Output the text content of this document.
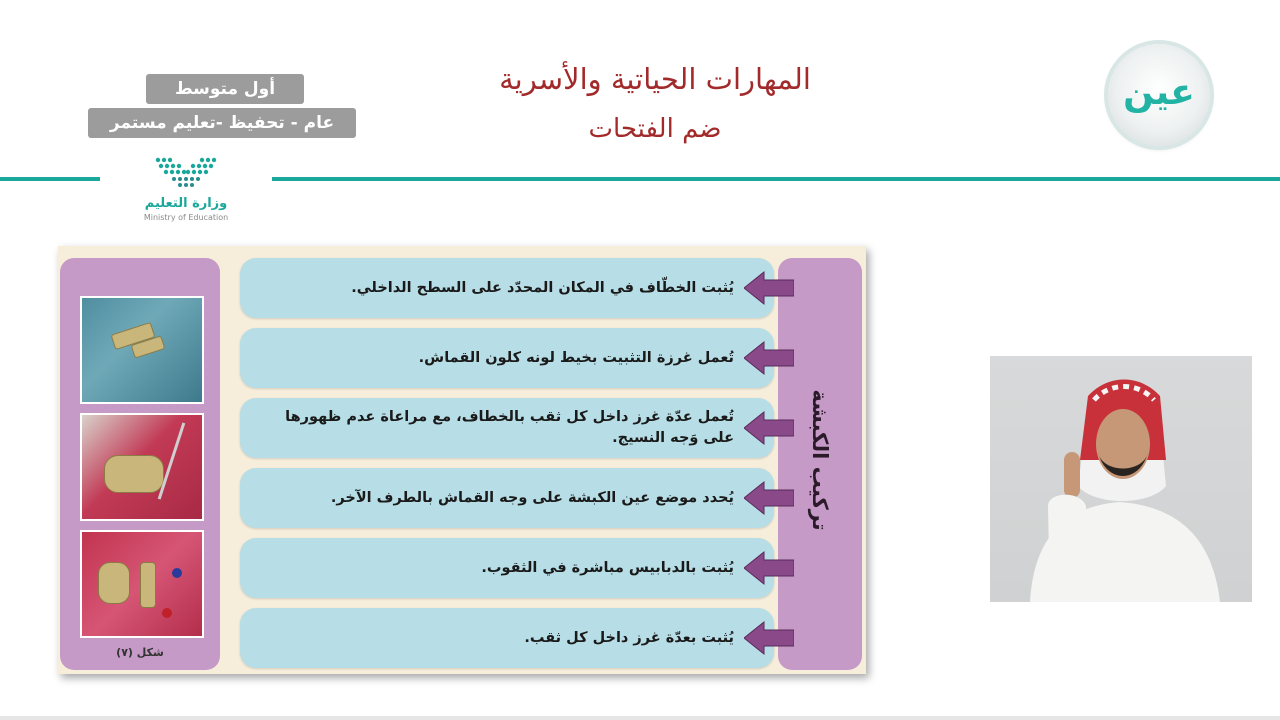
أول متوسط
عام - تحفيظ -تعليم مستمر
وزارة التعليم
Ministry of Education
المهارات الحياتية والأسرية
ضم الفتحات
عين
شكل (٧)
تركيب الكبشة
يُثبت الخطّاف في المكان المحدّد على السطح الداخلي.
تُعمل غرزة التثبيت بخيط لونه كلون القماش.
تُعمل عدّة غرز داخل كل ثقب بالخطاف، مع مراعاة عدم ظهورها على وَجه النسيج.
يُحدد موضع عين الكبشة على وجه القماش بالطرف الآخر.
يُثبت بالدبابيس مباشرة في الثقوب.
يُثبت بعدّة غرز داخل كل ثقب.
